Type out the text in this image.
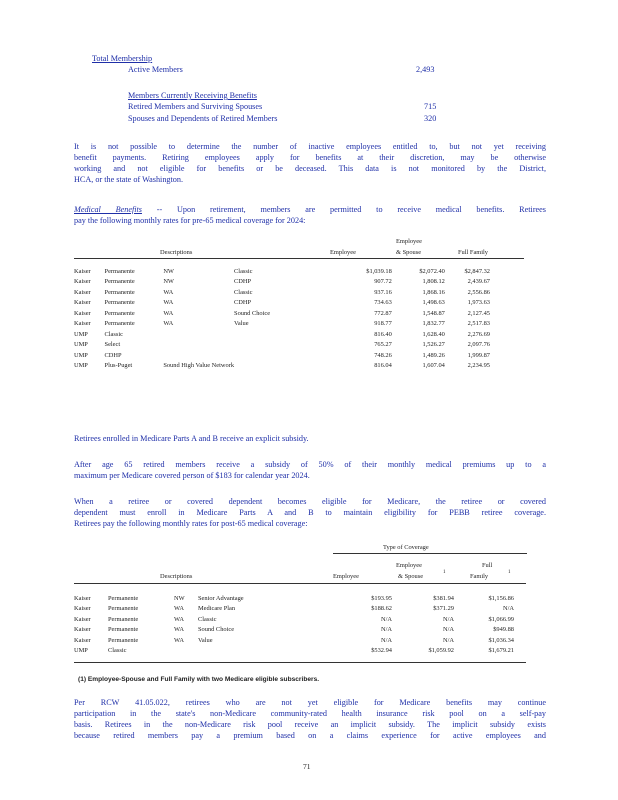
Total Membership
Active Members	2,493
Members Currently Receiving Benefits
Retired Members and Surviving Spouses	715
Spouses and Dependents of Retired Members	320
It is not possible to determine the number of inactive employees entitled to, but not yet receiving
benefit payments. Retiring employees apply for benefits at their discretion, may be otherwise
working and not eligible for benefits or be deceased. This data is not monitored by the District,
HCA, or the state of Washington.
Medical Benefits -- Upon retirement, members are permitted to receive medical benefits. Retirees
pay the following monthly rates for pre-65 medical coverage for 2024:
Employee
Descriptions	Employee	& Spouse	Full Family
Kaiser	Permanente	NW	Classic	$1,039.18	$2,072.40	$2,847.32
Kaiser	Permanente	NW	CDHP	907.72	1,808.12	2,439.67
Kaiser	Permanente	WA	Classic	937.16	1,868.16	2,556.86
Kaiser	Permanente	WA	CDHP	734.63	1,498.63	1,973.63
Kaiser	Permanente	WA	Sound Choice	772.87	1,548.87	2,127.45
Kaiser	Permanente	WA	Value	918.77	1,832.77	2,517.83
UMP	Classic			816.40	1,628.40	2,276.69
UMP	Select			765.27	1,526.27	2,097.76
UMP	CDHP			748.26	1,489.26	1,999.87
UMP	Plus-Puget	Sound High Value Network		816.04	1,607.04	2,234.95
Retirees enrolled in Medicare Parts A and B receive an explicit subsidy.
After age 65 retired members receive a subsidy of 50% of their monthly medical premiums up to a
maximum per Medicare covered person of $183 for calendar year 2024.
When a retiree or covered dependent becomes eligible for Medicare, the retiree or covered
dependent must enroll in Medicare Parts A and B to maintain eligibility for PEBB retiree coverage.
Retirees pay the following monthly rates for post-65 medical coverage:
Type of Coverage
Employee	Full
Descriptions	Employee	& Spouse
1
Family
1
Kaiser	Permanente	NW	Senior Advantage	$193.95	$381.94	$1,156.86
Kaiser	Permanente	WA	Medicare Plan	$188.62	$371.29	N/A
Kaiser	Permanente	WA	Classic	N/A	N/A	$1,066.99
Kaiser	Permanente	WA	Sound Choice	N/A	N/A	$949.88
Kaiser	Permanente	WA	Value	N/A	N/A	$1,036.34
UMP	Classic			$532.94	$1,059.92	$1,679.21
(1) Employee-Spouse and Full Family with two Medicare eligible subscribers.
Per RCW 41.05.022, retirees who are not yet eligible for Medicare benefits may continue
participation in the state's non-Medicare community-rated health insurance risk pool on a self-pay
basis. Retirees in the non-Medicare risk pool receive an implicit subsidy. The implicit subsidy exists
because retired members pay a premium based on a claims experience for active employees and
71
